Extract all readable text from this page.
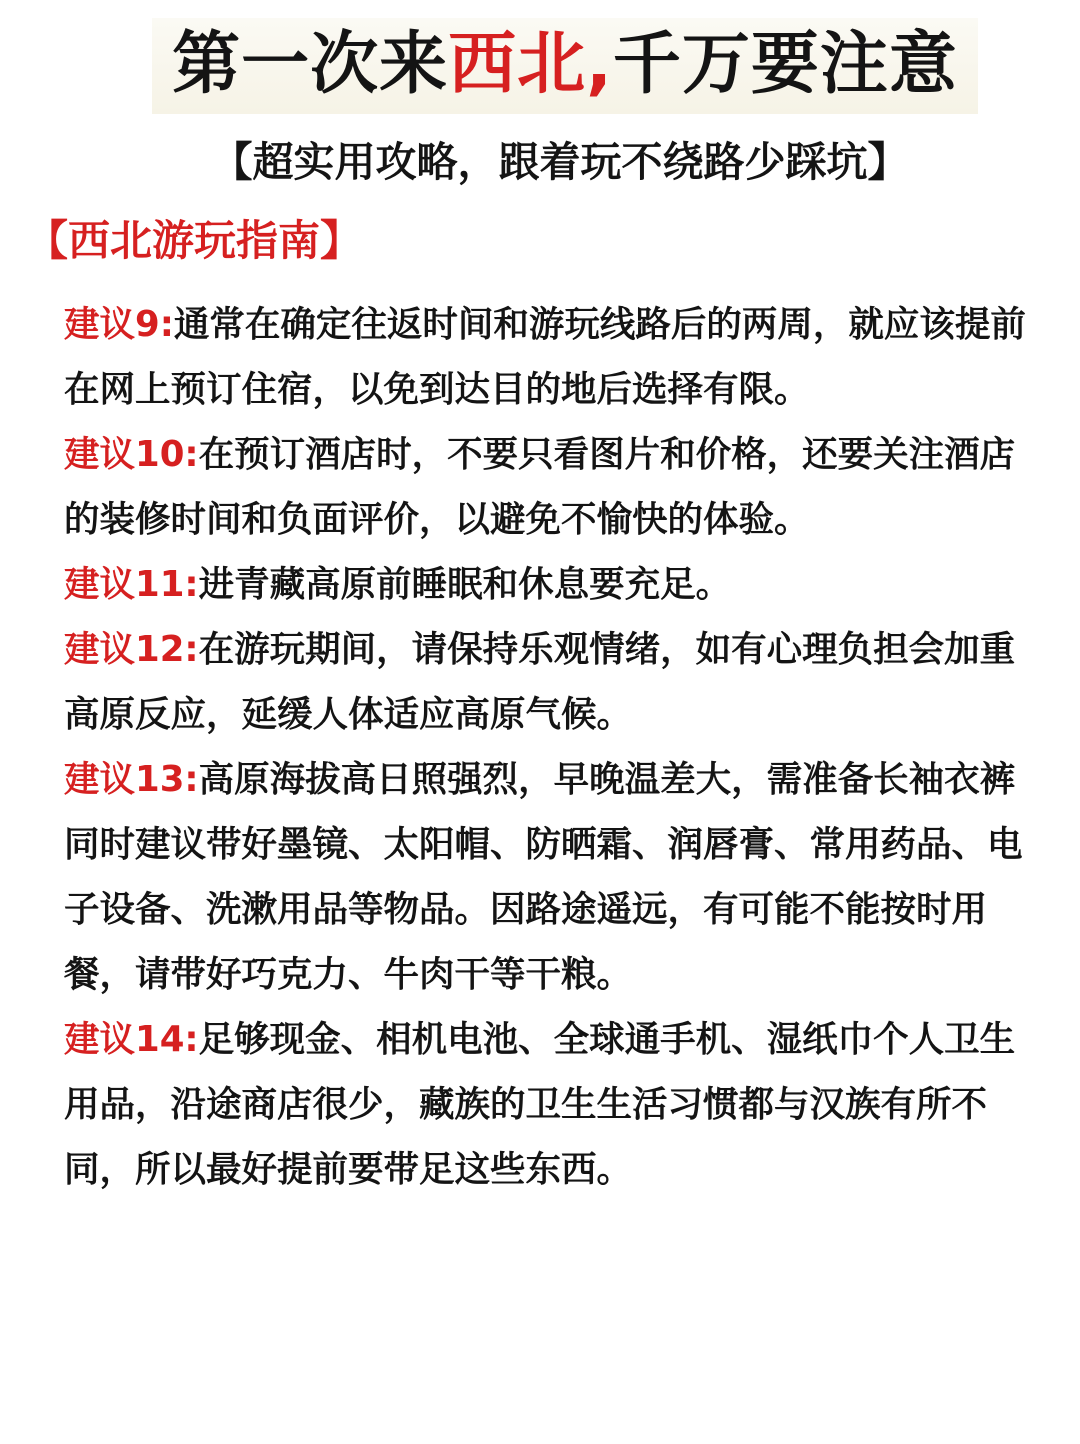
第一次来西北,千万要注意
【超实用攻略，跟着玩不绕路少踩坑】
【西北游玩指南】

建议9:通常在确定往返时间和游玩线路后的两周，就应该提前在网上预订住宿，以免到达目的地后选择有限。

建议10:在预订酒店时，不要只看图片和价格，还要关注酒店的装修时间和负面评价，以避免不愉快的体验。

建议11:进青藏高原前睡眠和休息要充足。

建议12:在游玩期间，请保持乐观情绪，如有心理负担会加重高原反应，延缓人体适应高原气候。

建议13:高原海拔高日照强烈，早晚温差大，需准备长袖衣裤同时建议带好墨镜、太阳帽、防晒霜、润唇膏、常用药品、电子设备、洗漱用品等物品。因路途遥远，有可能不能按时用餐，请带好巧克力、牛肉干等干粮。

建议14:足够现金、相机电池、全球通手机、湿纸巾个人卫生用品，沿途商店很少，藏族的卫生生活习惯都与汉族有所不同，所以最好提前要带足这些东西。
